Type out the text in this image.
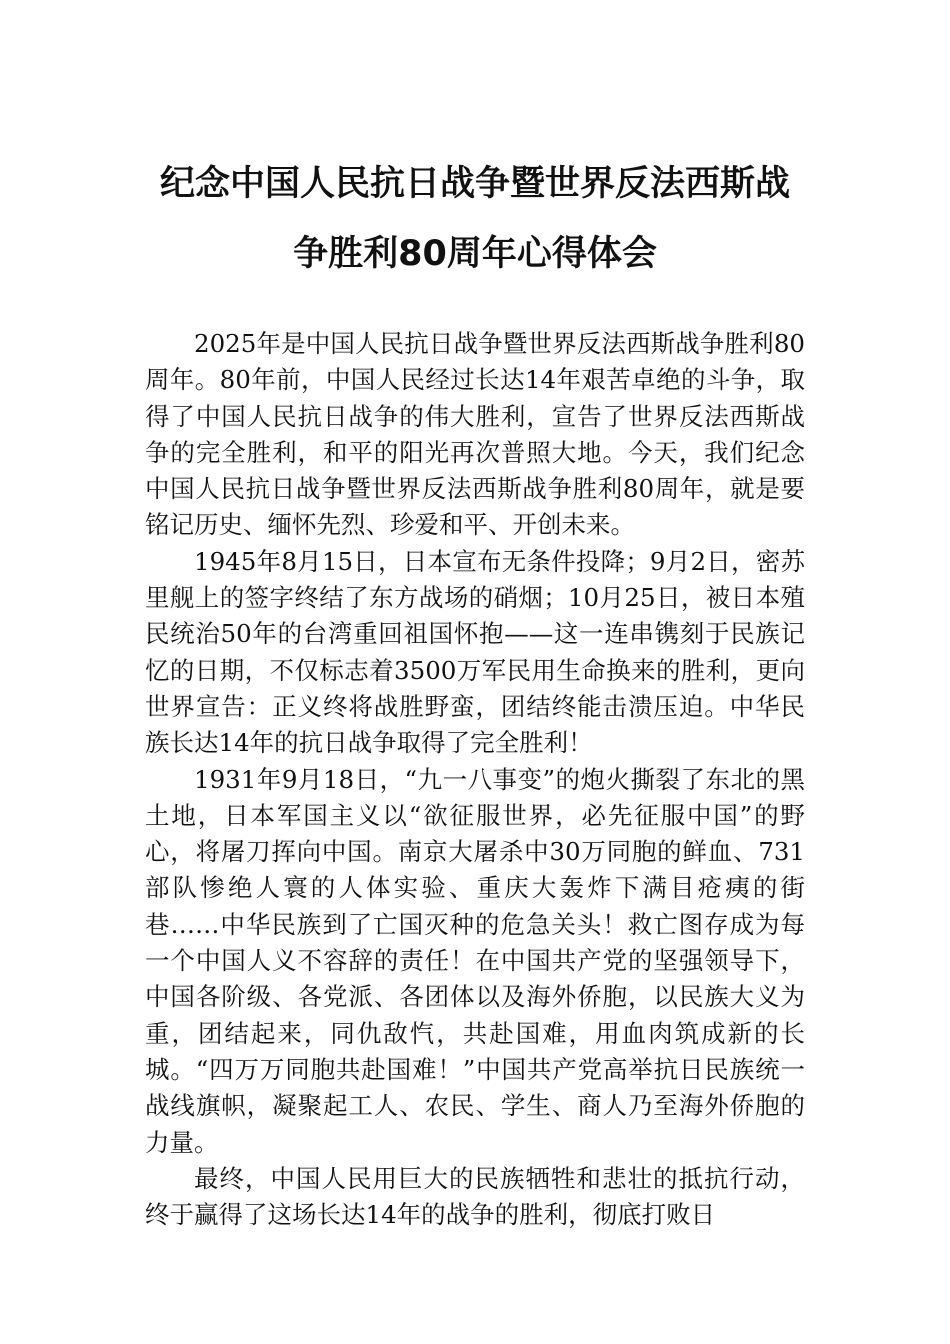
纪念中国人民抗日战争暨世界反法西斯战
争胜利80周年心得体会

2025年是中国人民抗日战争暨世界反法西斯战争胜利80周年。80年前，中国人民经过长达14年艰苦卓绝的斗争，取得了中国人民抗日战争的伟大胜利，宣告了世界反法西斯战争的完全胜利，和平的阳光再次普照大地。今天，我们纪念中国人民抗日战争暨世界反法西斯战争胜利80周年，就是要铭记历史、缅怀先烈、珍爱和平、开创未来。

1945年8月15日，日本宣布无条件投降；9月2日，密苏里舰上的签字终结了东方战场的硝烟；10月25日，被日本殖民统治50年的台湾重回祖国怀抱——这一连串镌刻于民族记忆的日期，不仅标志着3500万军民用生命换来的胜利，更向世界宣告：正义终将战胜野蛮，团结终能击溃压迫。中华民族长达14年的抗日战争取得了完全胜利！

1931年9月18日，“九一八事变”的炮火撕裂了东北的黑土地，日本军国主义以“欲征服世界，必先征服中国”的野心，将屠刀挥向中国。南京大屠杀中30万同胞的鲜血、731部队惨绝人寰的人体实验、重庆大轰炸下满目疮痍的街巷……中华民族到了亡国灭种的危急关头！救亡图存成为每一个中国人义不容辞的责任！在中国共产党的坚强领导下，中国各阶级、各党派、各团体以及海外侨胞，以民族大义为重，团结起来，同仇敌忾，共赴国难，用血肉筑成新的长城。“四万万同胞共赴国难！”中国共产党高举抗日民族统一战线旗帜，凝聚起工人、农民、学生、商人乃至海外侨胞的力量。

最终，中国人民用巨大的民族牺牲和悲壮的抵抗行动，终于赢得了这场长达14年的战争的胜利，彻底打败日
